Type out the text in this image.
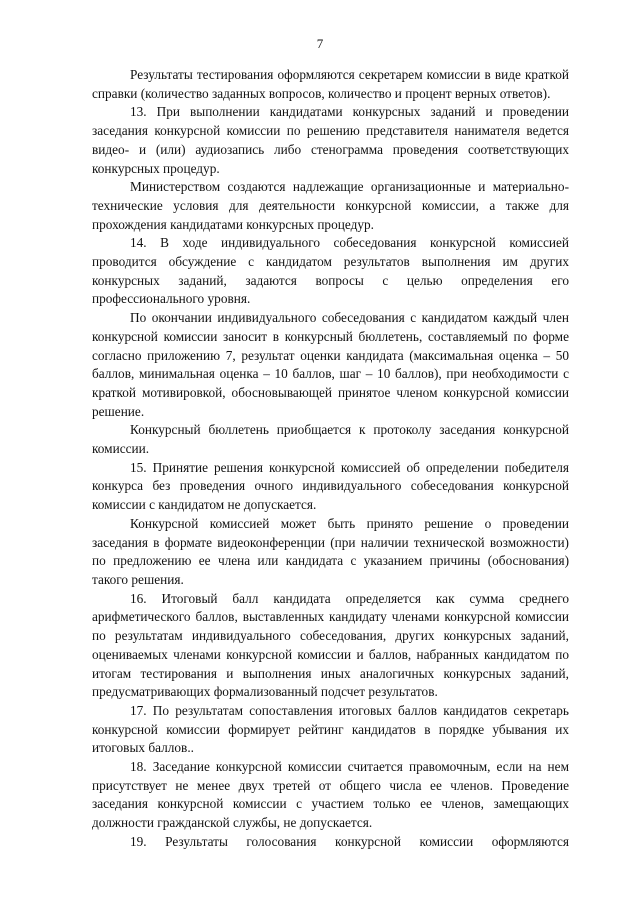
7

Результаты тестирования оформляются секретарем комиссии в виде краткой справки (количество заданных вопросов, количество и процент верных ответов).

13. При выполнении кандидатами конкурсных заданий и проведении заседания конкурсной комиссии по решению представителя нанимателя ведется видео- и (или) аудиозапись либо стенограмма проведения соответствующих конкурсных процедур.

Министерством создаются надлежащие организационные и материально-технические условия для деятельности конкурсной комиссии, а также для прохождения кандидатами конкурсных процедур.

14. В ходе индивидуального собеседования конкурсной комиссией проводится обсуждение с кандидатом результатов выполнения им других конкурсных заданий, задаются вопросы с целью определения его профессионального уровня.

По окончании индивидуального собеседования с кандидатом каждый член конкурсной комиссии заносит в конкурсный бюллетень, составляемый по форме согласно приложению 7, результат оценки кандидата (максимальная оценка – 50 баллов, минимальная оценка – 10 баллов, шаг – 10 баллов), при необходимости с краткой мотивировкой, обосновывающей принятое членом конкурсной комиссии решение.

Конкурсный бюллетень приобщается к протоколу заседания конкурсной комиссии.

15. Принятие решения конкурсной комиссией об определении победителя конкурса без проведения очного индивидуального собеседования конкурсной комиссии с кандидатом не допускается.

Конкурсной комиссией может быть принято решение о проведении заседания в формате видеоконференции (при наличии технической возможности) по предложению ее члена или кандидата с указанием причины (обоснования) такого решения.

16. Итоговый балл кандидата определяется как сумма среднего арифметического баллов, выставленных кандидату членами конкурсной комиссии по результатам индивидуального собеседования, других конкурсных заданий, оцениваемых членами конкурсной комиссии и баллов, набранных кандидатом по итогам тестирования и выполнения иных аналогичных конкурсных заданий, предусматривающих формализованный подсчет результатов.

17. По результатам сопоставления итоговых баллов кандидатов секретарь конкурсной комиссии формирует рейтинг кандидатов в порядке убывания их итоговых баллов..

18. Заседание конкурсной комиссии считается правомочным, если на нем присутствует не менее двух третей от общего числа ее членов. Проведение заседания конкурсной комиссии с участием только ее членов, замещающих должности гражданской службы, не допускается.

19. Результаты голосования конкурсной комиссии оформляются
